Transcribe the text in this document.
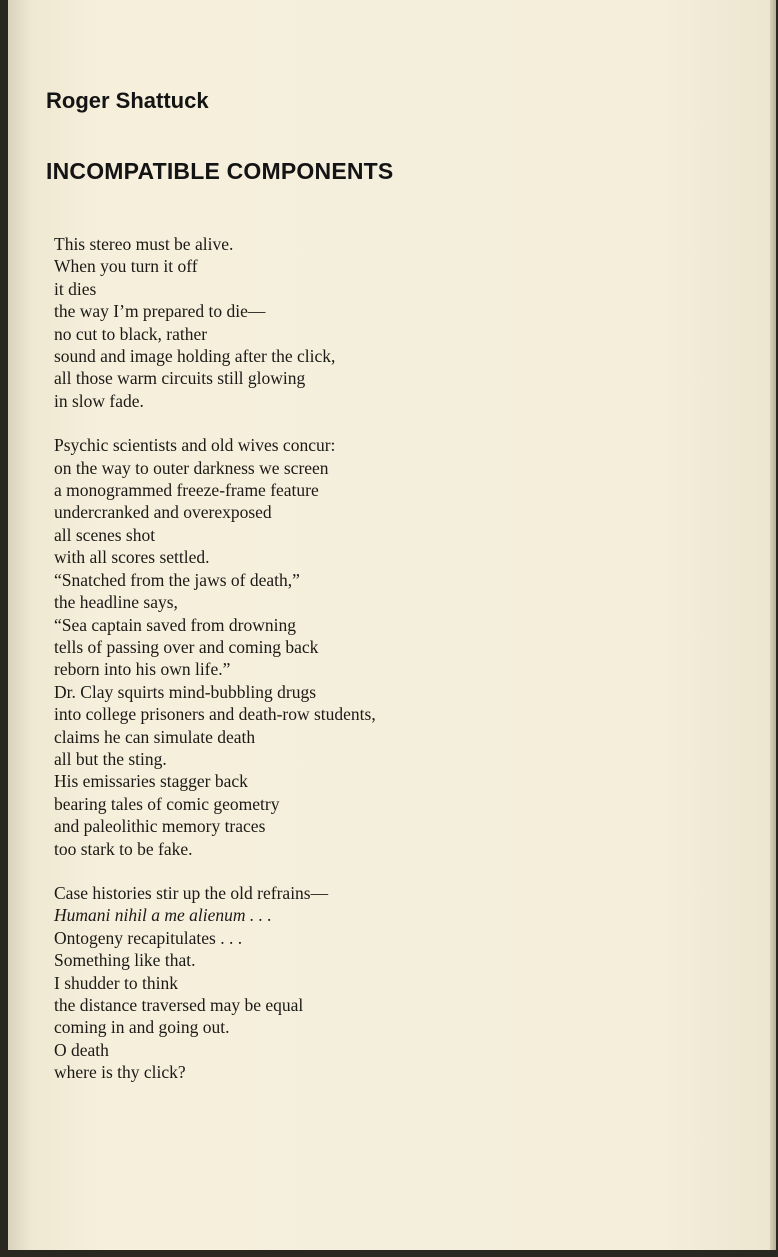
Roger Shattuck
INCOMPATIBLE COMPONENTS
This stereo must be alive.
When you turn it off
it dies
the way I’m prepared to die—
no cut to black, rather
sound and image holding after the click,
all those warm circuits still glowing
in slow fade.
Psychic scientists and old wives concur:
on the way to outer darkness we screen
a monogrammed freeze-frame feature
undercranked and overexposed
all scenes shot
with all scores settled.
“Snatched from the jaws of death,”
the headline says,
“Sea captain saved from drowning
tells of passing over and coming back
reborn into his own life.”
Dr. Clay squirts mind-bubbling drugs
into college prisoners and death-row students,
claims he can simulate death
all but the sting.
His emissaries stagger back
bearing tales of comic geometry
and paleolithic memory traces
too stark to be fake.
Case histories stir up the old refrains—
Humani nihil a me alienum . . .
Ontogeny recapitulates . . .
Something like that.
I shudder to think
the distance traversed may be equal
coming in and going out.
O death
where is thy click?
